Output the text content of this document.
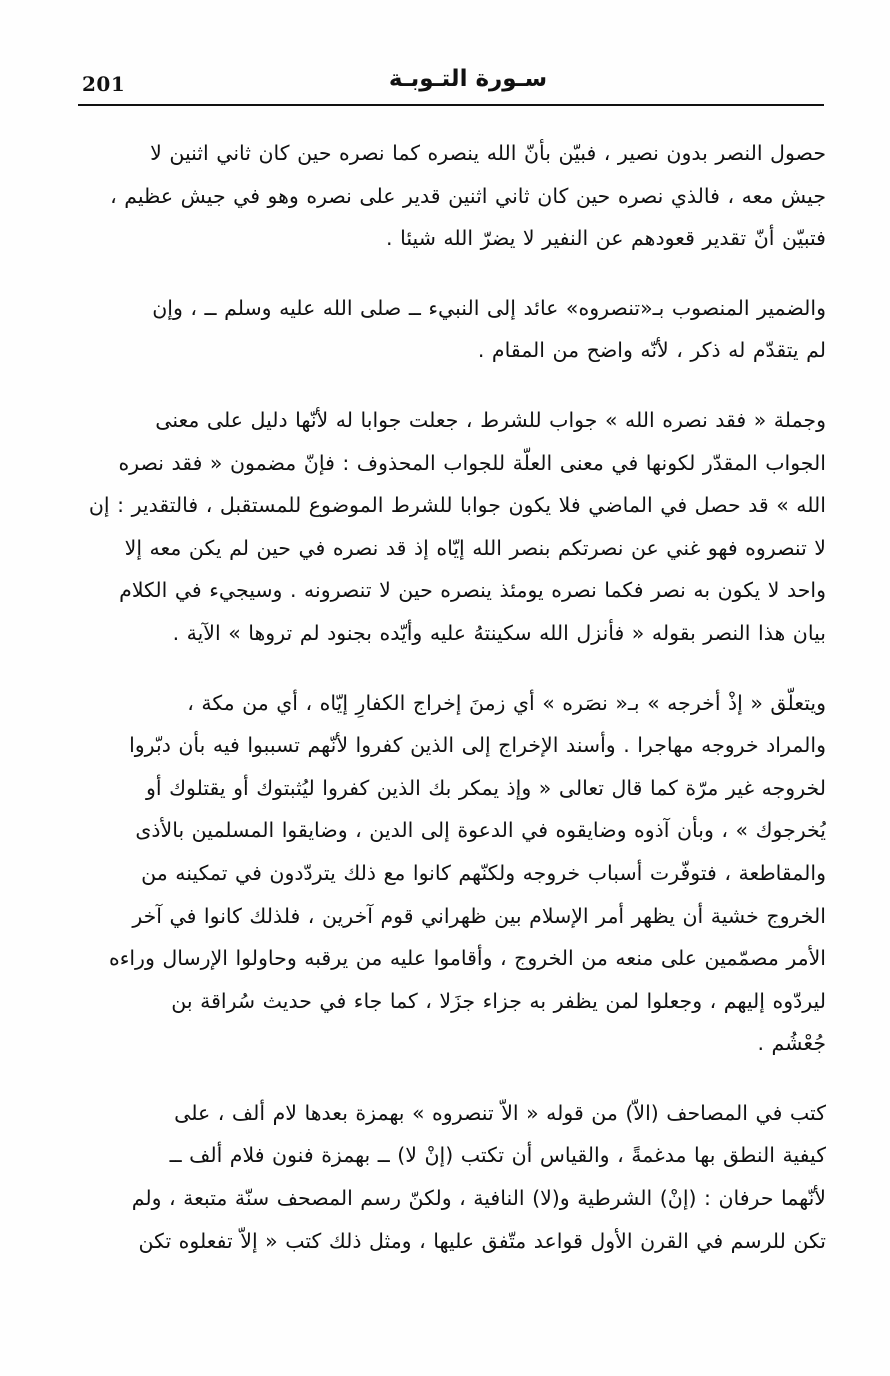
201	سـورة التـوبـة

حصول النصر بدون نصير ، فبيّن بأنّ الله ينصره كما نصره حين كان ثاني اثنين لا
جيش معه ، فالذي نصره حين كان ثاني اثنين قدير على نصره وهو في جيش عظيم ،
فتبيّن أنّ تقدير قعودهم عن النفير لا يضرّ الله شيئا .

والضمير المنصوب بـ«تنصروه» عائد إلى النبيء ــ صلى الله عليه وسلم ــ ، وإن
لم يتقدّم له ذكر ، لأنّه واضح من المقام .

وجملة « فقد نصره الله » جواب للشرط ، جعلت جوابا له لأنّها دليل على معنى
الجواب المقدّر لكونها في معنى العلّة للجواب المحذوف : فإنّ مضمون « فقد نصره
الله » قد حصل في الماضي فلا يكون جوابا للشرط الموضوع للمستقبل ، فالتقدير : إن
لا تنصروه فهو غني عن نصرتكم بنصر الله إيّاه إذ قد نصره في حين لم يكن معه إلا
واحد لا يكون به نصر فكما نصره يومئذ ينصره حين لا تنصرونه . وسيجيء في الكلام
بيان هذا النصر بقوله « فأنزل الله سكينتهُ عليه وأيّده بجنود لم تروها » الآية .

ويتعلّق « إذْ أخرجه » بـ« نصَره » أي زمنَ إخراج الكفارِ إيّاه ، أي من مكة ،
والمراد خروجه مهاجرا . وأسند الإخراج إلى الذين كفروا لأنّهم تسببوا فيه بأن دبّروا
لخروجه غير مرّة كما قال تعالى « وإذ يمكر بك الذين كفروا ليُثبتوك أو يقتلوك أو
يُخرجوك » ، وبأن آذوه وضايقوه في الدعوة إلى الدين ، وضايقوا المسلمين بالأذى
والمقاطعة ، فتوفّرت أسباب خروجه ولكنّهم كانوا مع ذلك يتردّدون في تمكينه من
الخروج خشية أن يظهر أمر الإسلام بين ظهراني قوم آخرين ، فلذلك كانوا في آخر
الأمر مصمّمين على منعه من الخروج ، وأقاموا عليه من يرقبه وحاولوا الإرسال وراءه
ليردّوه إليهم ، وجعلوا لمن يظفر به جزاء جزَلا ، كما جاء في حديث سُراقة بن
جُعْشُم .

كتب في المصاحف (الاّ) من قوله « الاّ تنصروه » بهمزة بعدها لام ألف ، على
كيفية النطق بها مدغمةً ، والقياس أن تكتب (إنْ لا) ــ بهمزة فنون فلام ألف ــ
لأنّهما حرفان : (إنْ) الشرطية و(لا) النافية ، ولكنّ رسم المصحف سنّة متبعة ، ولم
تكن للرسم في القرن الأول قواعد متّفق عليها ، ومثل ذلك كتب « إلاّ تفعلوه تكن
